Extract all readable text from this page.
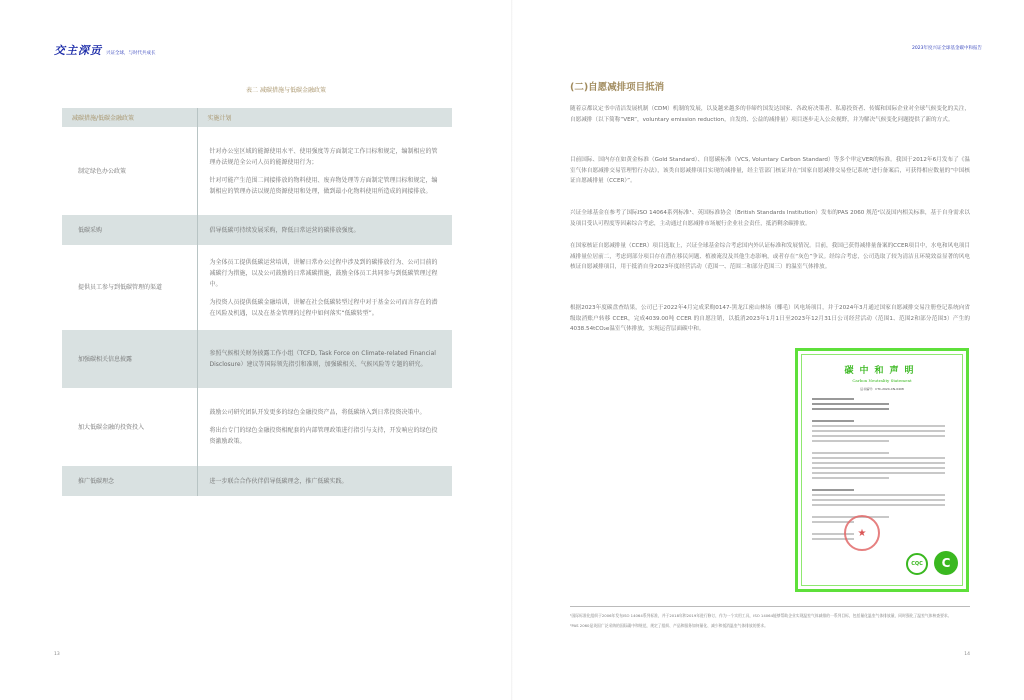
交主深贡 兴证全球，与时代共成长
表二 减碳措施与低碳金融政策
减碳措施/低碳金融政策	实施计划
制定绿色办公政策	针对办公室区域的能源使用水平、使用强度等方面制定工作目标和规定，编制相应的管理办法规范全公司人员的能源使用行为；

针对可能产生范围二间接排放的物料使用、废弃物处理等方面制定管理目标和规定，编制相应的管理办法以规范资源使用和处理，做到最小化物料使用所造成的间接排放。

低碳采购	倡导低碳可持续发展采购，降低日常运营的碳排放强度。

提供员工参与到低碳管理的渠道	为全体员工提供低碳运营培训，讲解日常办公过程中涉及到的碳排放行为、公司目前的减碳行为措施，以及公司鼓励的日常减碳措施，鼓励全体员工共同参与到低碳管理过程中。

为投资人员提供低碳金融培训，讲解在社会低碳转型过程中对于基金公司而言存在的潜在风险及机遇，以及在基金管理的过程中如何落实“低碳转型”。

加强碳相关信息披露	参照气候相关财务披露工作小组（TCFD, Task Force on Climate-related Financial Disclosure）建议等国际领先指引和准则，加强碳相关、气候风险等专题的研究。

加大低碳金融的投资投入	鼓励公司研究团队开发更多的绿色金融投资产品，将低碳纳入到日常投资决策中。

将出台专门的绿色金融投资相配套的内部管理政策进行指引与支持，开发响应的绿色投资激励政策。

推广低碳理念	进一步联合合作伙伴倡导低碳理念，推广低碳实践。

13
2023年度兴证全球基金碳中和报告
14
(二)自愿减排项目抵消

随着京都议定书中清洁发展机制（CDM）机制的发展，以及越来越多的非缔约国发达国家、各政府决策者、私募投资者、传媒和国际企业对全球气候变化的关注，自愿减排（以下简称“VER”，voluntary emission reduction，自发的、公益的减排量）项目逐步走入公众视野，并为解决气候变化问题提供了新的方式。

目前国际、国内存在如黄金标准（Gold Standard）、自愿碳标准（VCS, Voluntary Carbon Standard）等多个审定VER的标准。我国于2012年6月发布了《温室气体自愿减排交易管理暂行办法》，该类自愿减排项目实现的减排量，经主管部门核证并在“国家自愿减排交易登记系统”进行备案后，可获得相应数量的“中国核证自愿减排量（CCER）”。

兴证全球基金在参考了国际ISO 14064系列标准¹、英国标准协会（British Standards Institution）发布的PAS 2060 规范²以及国内相关标准，基于自身需求以及项目受认可程度等因素综合考虑，主动通过自愿减排市场履行企业社会责任，抵消剩余碳排放。

在国家核证自愿减排量（CCER）项目选取上，兴证全球基金综合考虑国内外认证标准和发展情况。目前，我国已获得减排量备案的CCER项目中，水电和风电项目减排量位居前二，考虑到部分项目存在潜在移民问题、植被淹没及其他生态影响，或者存在“灰色”争议。经综合考虑，公司选取了较为清洁且环境效益显著的风电核证自愿减排项目，用于抵消自身2023年度经营活动（范围一、范围二和部分范围三）的温室气体排放。

根据2023年度碳盘查结果，公司已于2022年4月完成采购0147-黑龙江密山林场（椰毛）风电场项目，并于2024年3月通过国家自愿减排交易注册登记系统向省级取消账户转移 CCER，完成4039.00吨 CCER 的自愿注销，以抵消2023年1月1日至2023年12月31日公司经营活动（范围1、范围2和部分范围3）产生的4038.54tCO₂e温室气体排放，实现运营层面碳中和。

碳中和声明
Carbon Neutrality Statement
证书编号：CTC-2024-CN-0408
★
CQC	C

¹国际标准化组织于2006年发布ISO 14064系列标准，并于2018年和2019年进行修订，作为一个实用工具，ISO 14064能够帮助企业实现温室气体减排的一系列目标，包括量化温室气体排放量，同时强化了温室气体核查要求。

²PAS 2060是英国广泛采纳的国际碳中和规范，规定了组织、产品和服务如何量化、减少和抵消温室气体排放的要求。
